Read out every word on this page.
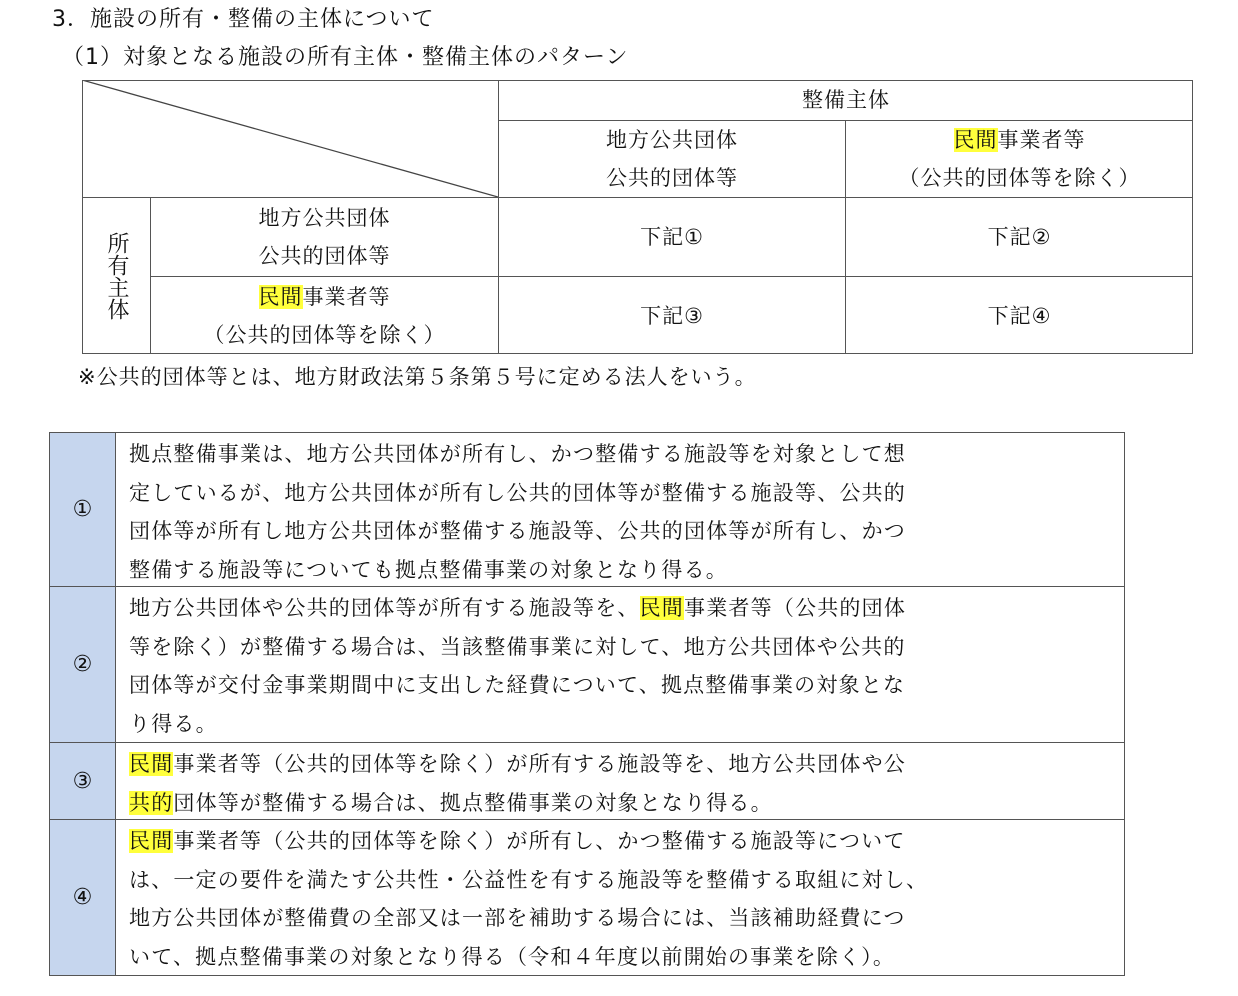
3．施設の所有・整備の主体について
（1）対象となる施設の所有主体・整備主体のパターン
整備主体
地方公共団体
公共的団体等
民間事業者等
（公共的団体等を除く）
所有主体
地方公共団体
公共的団体等
下記①	下記②
民間事業者等
（公共的団体等を除く）
下記③	下記④
※公共的団体等とは、地方財政法第５条第５号に定める法人をいう。
①
拠点整備事業は、地方公共団体が所有し、かつ整備する施設等を対象として想
定しているが、地方公共団体が所有し公共的団体等が整備する施設等、公共的
団体等が所有し地方公共団体が整備する施設等、公共的団体等が所有し、かつ
整備する施設等についても拠点整備事業の対象となり得る。
②
地方公共団体や公共的団体等が所有する施設等を、民間事業者等（公共的団体
等を除く）が整備する場合は、当該整備事業に対して、地方公共団体や公共的
団体等が交付金事業期間中に支出した経費について、拠点整備事業の対象とな
り得る。
③
民間事業者等（公共的団体等を除く）が所有する施設等を、地方公共団体や公
共的団体等が整備する場合は、拠点整備事業の対象となり得る。
④
民間事業者等（公共的団体等を除く）が所有し、かつ整備する施設等について
は、一定の要件を満たす公共性・公益性を有する施設等を整備する取組に対し、
地方公共団体が整備費の全部又は一部を補助する場合には、当該補助経費につ
いて、拠点整備事業の対象となり得る（令和４年度以前開始の事業を除く）。
